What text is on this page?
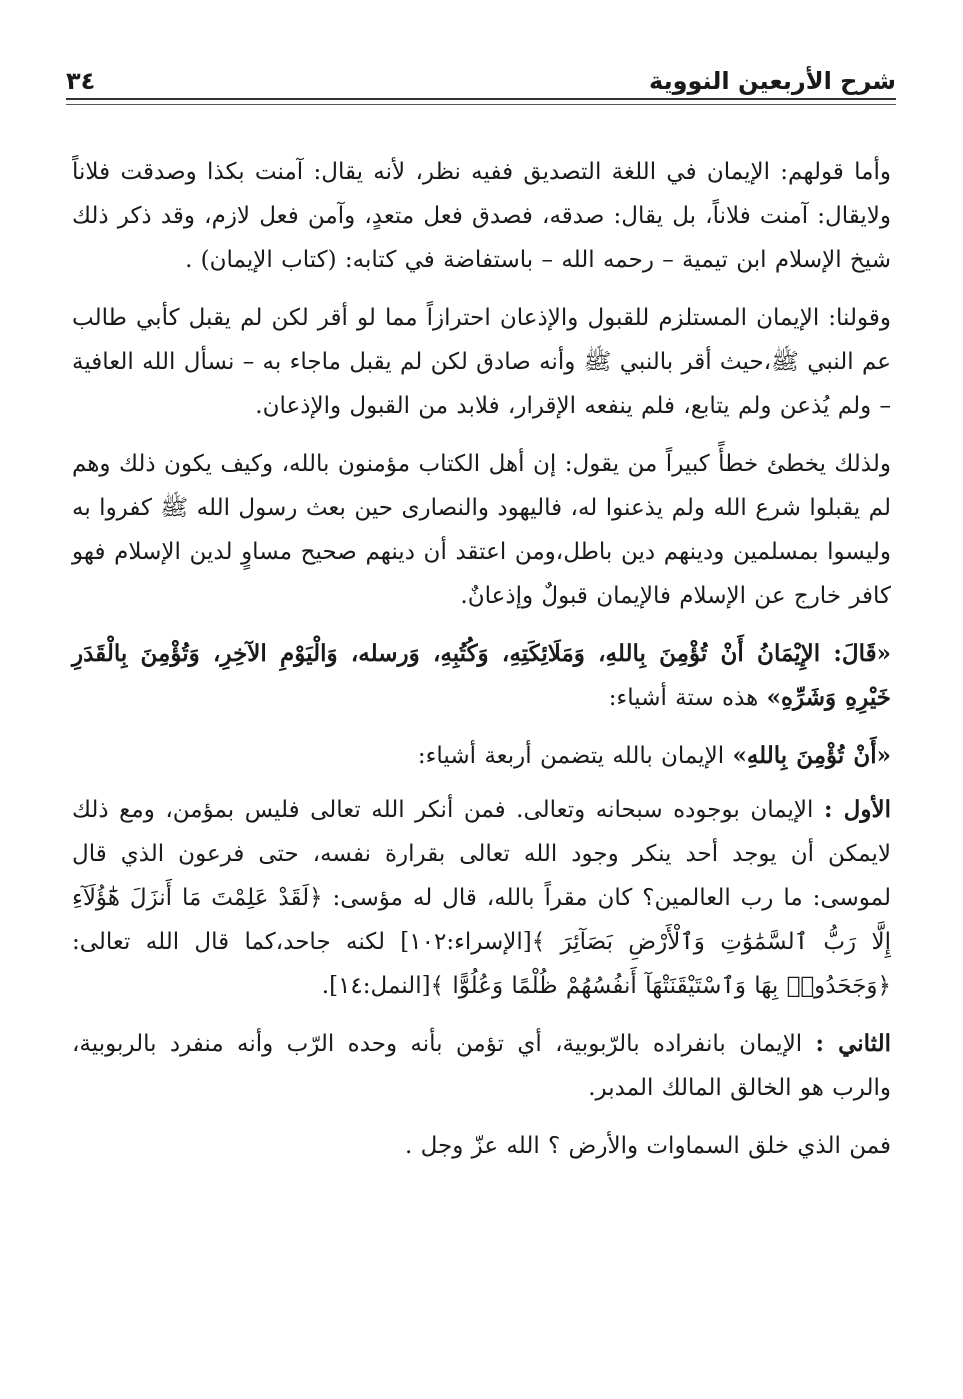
شرح الأربعين النووية
٣٤

وأما قولهم: الإيمان في اللغة التصديق ففيه نظر، لأنه يقال: آمنت بكذا وصدقت فلاناً ولايقال: آمنت فلاناً، بل يقال: صدقه، فصدق فعل متعدٍ، وآمن فعل لازم، وقد ذكر ذلك شيخ الإسلام ابن تيمية – رحمه الله – باستفاضة في كتابه: (كتاب الإيمان) .

وقولنا: الإيمان المستلزم للقبول والإذعان احترازاً مما لو أقر لكن لم يقبل كأبي طالب عم النبي ﷺ،حيث أقر بالنبي ﷺ وأنه صادق لكن لم يقبل ماجاء به – نسأل الله العافية – ولم يُذعن ولم يتابع، فلم ينفعه الإقرار، فلابد من القبول والإذعان.

ولذلك يخطئ خطأً كبيراً من يقول: إن أهل الكتاب مؤمنون بالله، وكيف يكون ذلك وهم لم يقبلوا شرع الله ولم يذعنوا له، فاليهود والنصارى حين بعث رسول الله ﷺ كفروا به وليسوا بمسلمين ودينهم دين باطل،ومن اعتقد أن دينهم صحيح مساوٍ لدين الإسلام فهو كافر خارج عن الإسلام فالإيمان قبولٌ وإذعانٌ.

«قَالَ: الإِيْمَانُ أَنْ تُؤْمِنَ بِاللهِ، وَمَلَائِكَتِهِ، وَكُتُبِهِ، وَرسله، وَالْيَوْمِ الآخِرِ، وَتُؤْمِنَ بِالْقَدَرِ خَيْرِهِ وَشَرِّهِ» هذه ستة أشياء:

«أَنْ تُؤْمِنَ بِاللهِ» الإيمان بالله يتضمن أربعة أشياء:

الأول : الإيمان بوجوده سبحانه وتعالى. فمن أنكر الله تعالى فليس بمؤمن، ومع ذلك لايمكن أن يوجد أحد ينكر وجود الله تعالى بقرارة نفسه، حتى فرعون الذي قال لموسى: ما رب العالمين؟ كان مقراً بالله، قال له مؤسى: ﴿لَقَدْ عَلِمْتَ مَا أَنزَلَ هَٰٓؤُلَآءِ إِلَّا رَبُّ ٱلسَّمَٰوَٰتِ وَٱلْأَرْضِ بَصَآئِرَ ﴾[الإسراء:١٠٢] لكنه جاحد،كما قال الله تعالى: ﴿وَجَحَدُوا۟ بِهَا وَٱسْتَيْقَنَتْهَآ أَنفُسُهُمْ ظُلْمًا وَعُلُوًّا ﴾[النمل:١٤].

الثاني : الإيمان بانفراده بالرّبوبية، أي تؤمن بأنه وحده الرّب وأنه منفرد بالربوبية، والرب هو الخالق المالك المدبر.

فمن الذي خلق السماوات والأرض ؟ الله عزّ وجل .
